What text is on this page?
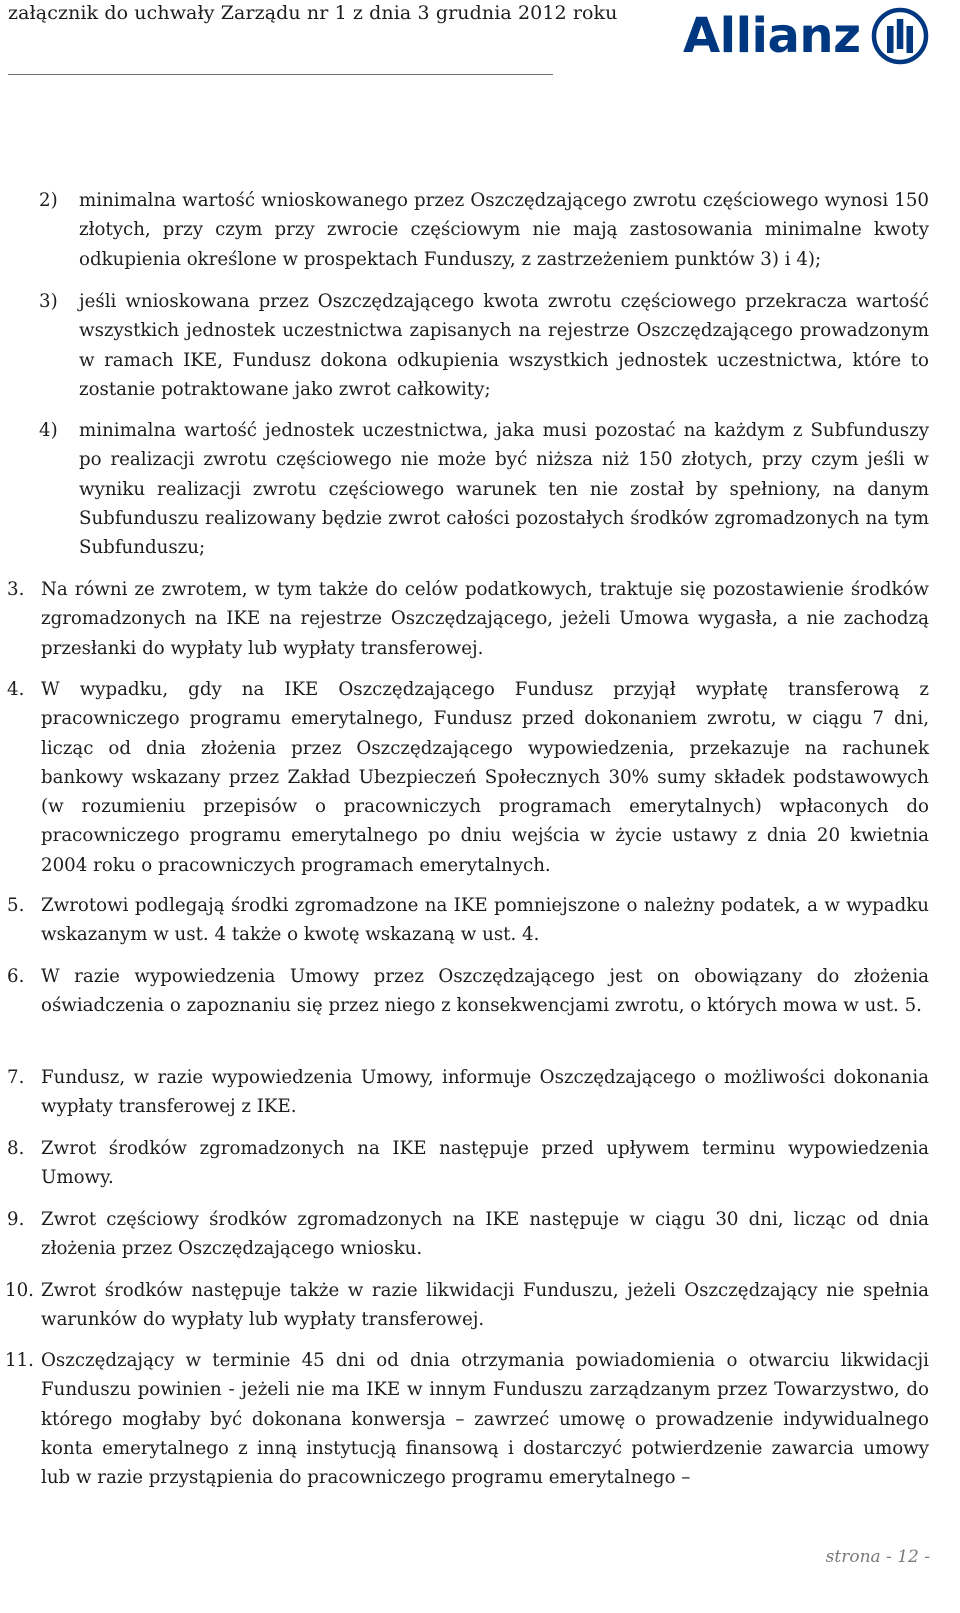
załącznik do uchwały Zarządu nr 1 z dnia 3 grudnia 2012 roku Allianz
2) minimalna wartość wnioskowanego przez Oszczędzającego zwrotu częściowego wynosi 150 złotych, przy czym przy zwrocie częściowym nie mają zastosowania minimalne kwoty odkupienia określone w prospektach Funduszy, z zastrzeżeniem punktów 3) i 4);
3) jeśli wnioskowana przez Oszczędzającego kwota zwrotu częściowego przekracza wartość wszystkich jednostek uczestnictwa zapisanych na rejestrze Oszczędzającego prowadzonym w ramach IKE, Fundusz dokona odkupienia wszystkich jednostek uczestnictwa, które to zostanie potraktowane jako zwrot całkowity;
4) minimalna wartość jednostek uczestnictwa, jaka musi pozostać na każdym z Subfunduszy po realizacji zwrotu częściowego nie może być niższa niż 150 złotych, przy czym jeśli w wyniku realizacji zwrotu częściowego warunek ten nie został by spełniony, na danym Subfunduszu realizowany będzie zwrot całości pozostałych środków zgromadzonych na tym Subfunduszu;
3. Na równi ze zwrotem, w tym także do celów podatkowych, traktuje się pozostawienie środków zgromadzonych na IKE na rejestrze Oszczędzającego, jeżeli Umowa wygasła, a nie zachodzą przesłanki do wypłaty lub wypłaty transferowej.
4. W wypadku, gdy na IKE Oszczędzającego Fundusz przyjął wypłatę transferową z pracowniczego programu emerytalnego, Fundusz przed dokonaniem zwrotu, w ciągu 7 dni, licząc od dnia złożenia przez Oszczędzającego wypowiedzenia, przekazuje na rachunek bankowy wskazany przez Zakład Ubezpieczeń Społecznych 30% sumy składek podstawowych (w rozumieniu przepisów o pracowniczych programach emerytalnych) wpłaconych do pracowniczego programu emerytalnego po dniu wejścia w życie ustawy z dnia 20 kwietnia 2004 roku o pracowniczych programach emerytalnych.
5. Zwrotowi podlegają środki zgromadzone na IKE pomniejszone o należny podatek, a w wypadku wskazanym w ust. 4 także o kwotę wskazaną w ust. 4.
6. W razie wypowiedzenia Umowy przez Oszczędzającego jest on obowiązany do złożenia oświadczenia o zapoznaniu się przez niego z konsekwencjami zwrotu, o których mowa w ust. 5.
7. Fundusz, w razie wypowiedzenia Umowy, informuje Oszczędzającego o możliwości dokonania wypłaty transferowej z IKE.
8. Zwrot środków zgromadzonych na IKE następuje przed upływem terminu wypowiedzenia Umowy.
9. Zwrot częściowy środków zgromadzonych na IKE następuje w ciągu 30 dni, licząc od dnia złożenia przez Oszczędzającego wniosku.
10. Zwrot środków następuje także w razie likwidacji Funduszu, jeżeli Oszczędzający nie spełnia warunków do wypłaty lub wypłaty transferowej.
11. Oszczędzający w terminie 45 dni od dnia otrzymania powiadomienia o otwarciu likwidacji Funduszu powinien - jeżeli nie ma IKE w innym Funduszu zarządzanym przez Towarzystwo, do którego mogłaby być dokonana konwersja – zawrzeć umowę o prowadzenie indywidualnego konta emerytalnego z inną instytucją finansową i dostarczyć potwierdzenie zawarcia umowy lub w razie przystąpienia do pracowniczego programu emerytalnego –
strona - 12 -
